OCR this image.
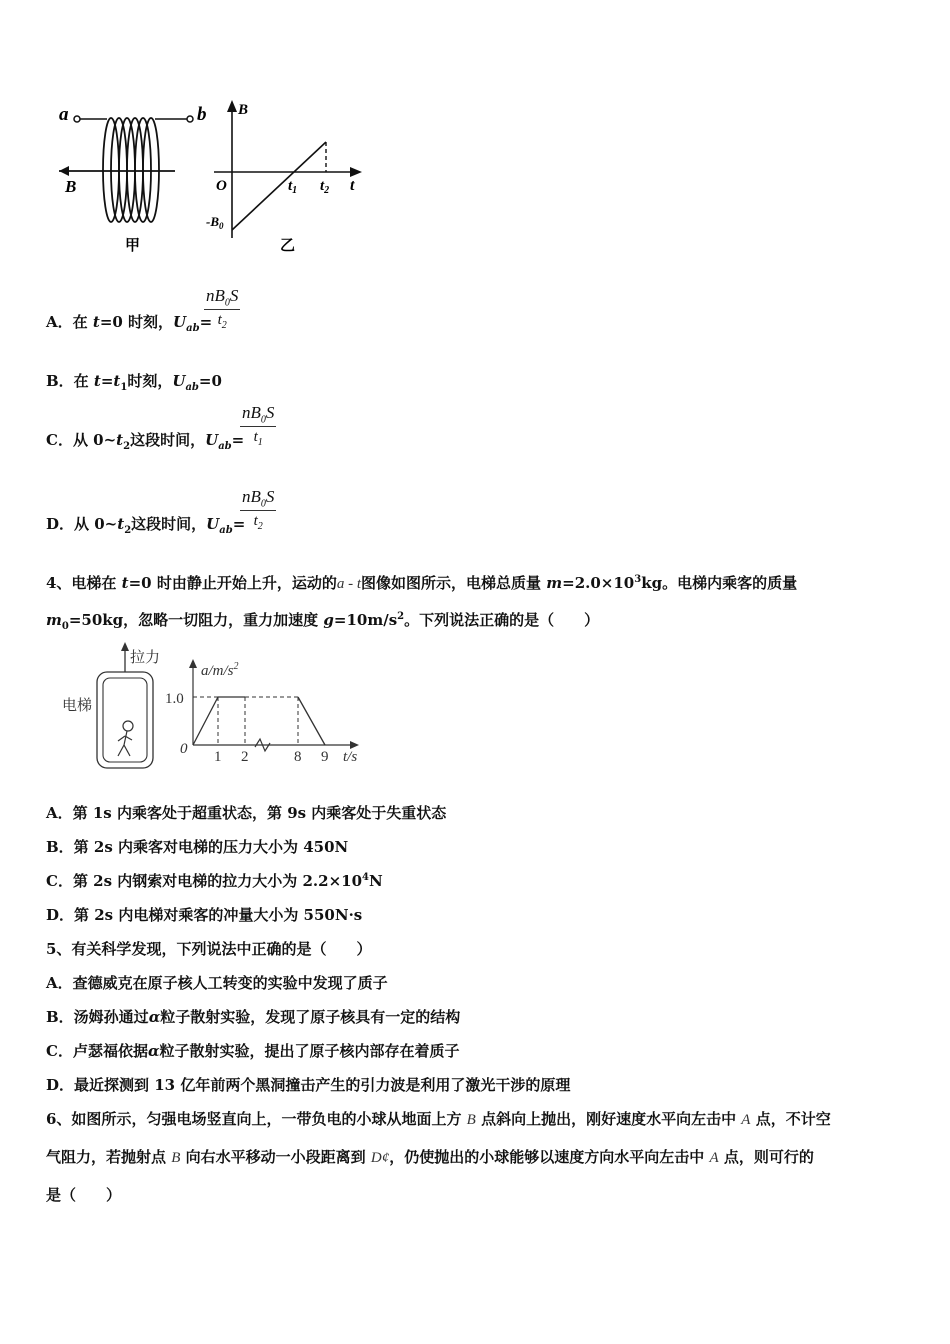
a	b
B
甲
B
t
O	$t_1$ $t_2$
$-B_0$
乙
A．在 t=0 时刻，$U_{ab}=$
$\frac{nB_0S}{t_2}$
B．在 $t=t_1$时刻，$U_{ab}=0$
C．从 $0\sim t_2$这段时间，$U_{ab}=$
$\frac{nB_0S}{t_1}$
D．从 $0\sim t_2$这段时间，$U_{ab}=$
$\frac{nB_0S}{t_2}$
4、电梯在 t=0 时由静止开始上升，运动的a - t图像如图所示，电梯总质量 $m=2.0\times 10^3kg$。电梯内乘客的质量
$m_0=50kg$，忽略一切阻力，重力加速度 $g=10m/s^2$。下列说法正确的是（　　）
拉力
电梯
$a/m/s^2$
t/s
0
1.0
1 2	8 9
A．第 1s 内乘客处于超重状态，第 9s 内乘客处于失重状态
B．第 2s 内乘客对电梯的压力大小为 450N
C．第 2s 内钢索对电梯的拉力大小为 $2.2\times 10^4N$
D．第 2s 内电梯对乘客的冲量大小为 550N·s
5、有关科学发现，下列说法中正确的是（　　）
A．查德威克在原子核人工转变的实验中发现了质子
B．汤姆孙通过α粒子散射实验，发现了原子核具有一定的结构
C．卢瑟福依据α粒子散射实验，提出了原子核内部存在着质子
D．最近探测到 13 亿年前两个黑洞撞击产生的引力波是利用了激光干涉的原理
6、如图所示，匀强电场竖直向上，一带负电的小球从地面上方 B 点斜向上抛出，刚好速度水平向左击中 A 点，不计空
气阻力，若抛射点 B 向右水平移动一小段距离到 D¢，仍使抛出的小球能够以速度方向水平向左击中 A 点，则可行的
是（　　）
